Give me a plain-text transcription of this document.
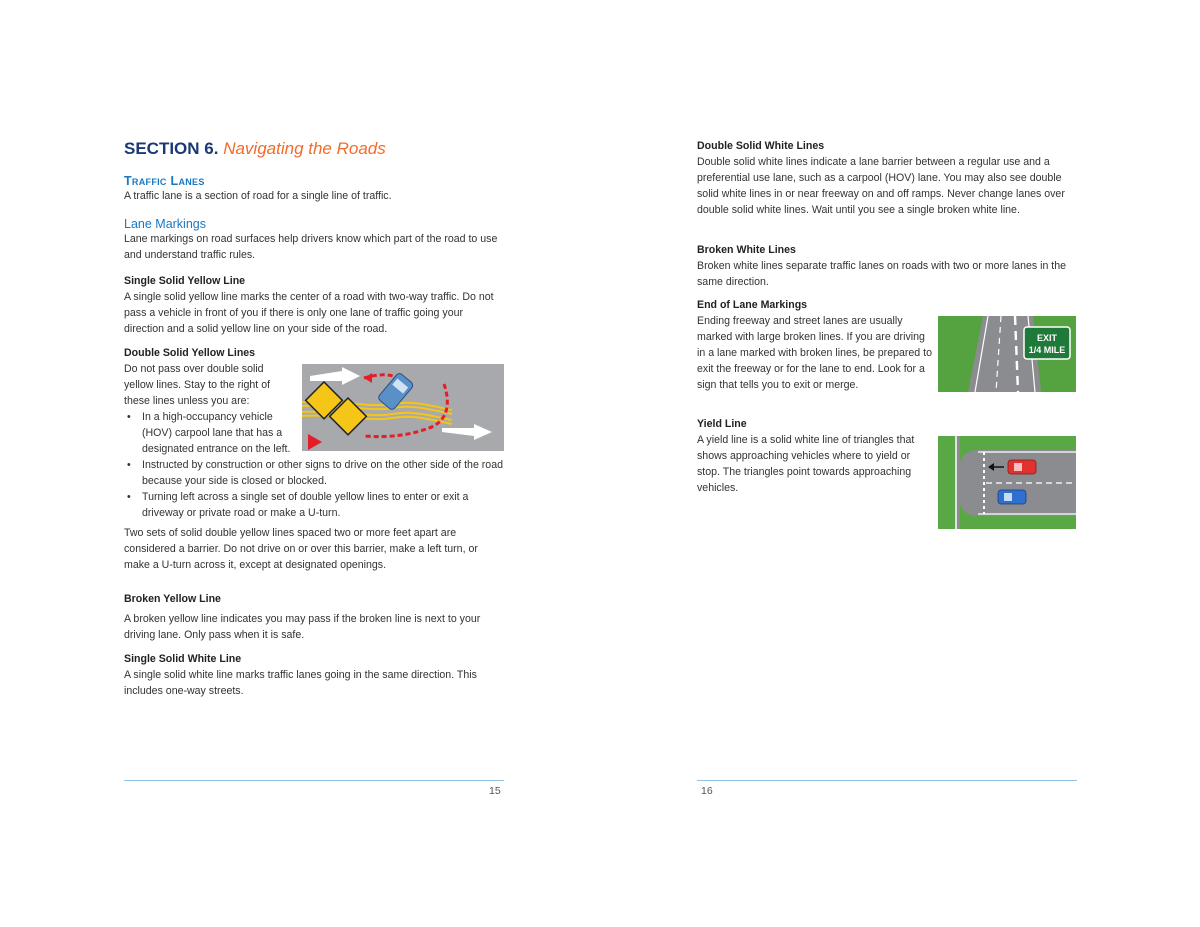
SECTION 6. Navigating the Roads
Traffic Lanes

A traffic lane is a section of road for a single line of traffic.

Lane Markings

Lane markings on road surfaces help drivers know which part of the road to use and understand traffic rules.

Single Solid Yellow Line

A single solid yellow line marks the center of a road with two-way traffic. Do not pass a vehicle in front of you if there is only one lane of traffic going your direction and a solid yellow line on your side of the road.

Double Solid Yellow Lines

Do not pass over double solid yellow lines. Stay to the right of these lines unless you are:

• In a high-occupancy vehicle (HOV) carpool lane that has a designated entrance on the left.
• Instructed by construction or other signs to drive on the other side of the road because your side is closed or blocked.
• Turning left across a single set of double yellow lines to enter or exit a driveway or private road or make a U-turn.

Two sets of solid double yellow lines spaced two or more feet apart are considered a barrier. Do not drive on or over this barrier, make a left turn, or make a U-turn across it, except at designated openings.

Broken Yellow Line

A broken yellow line indicates you may pass if the broken line is next to your driving lane. Only pass when it is safe.

Single Solid White Line

A single solid white line marks traffic lanes going in the same direction. This includes one-way streets.

15
Double Solid White Lines

Double solid white lines indicate a lane barrier between a regular use and a preferential use lane, such as a carpool (HOV) lane. You may also see double solid white lines in or near freeway on and off ramps. Never change lanes over double solid white lines. Wait until you see a single broken white line.

Broken White Lines

Broken white lines separate traffic lanes on roads with two or more lanes in the same direction.

End of Lane Markings

Ending freeway and street lanes are usually marked with large broken lines. If you are driving in a lane marked with broken lines, be prepared to exit the freeway or for the lane to end. Look for a sign that tells you to exit or merge.

EXIT
1/4 MILE
Yield Line

A yield line is a solid white line of triangles that shows approaching vehicles where to yield or stop. The triangles point towards approaching vehicles.

16
